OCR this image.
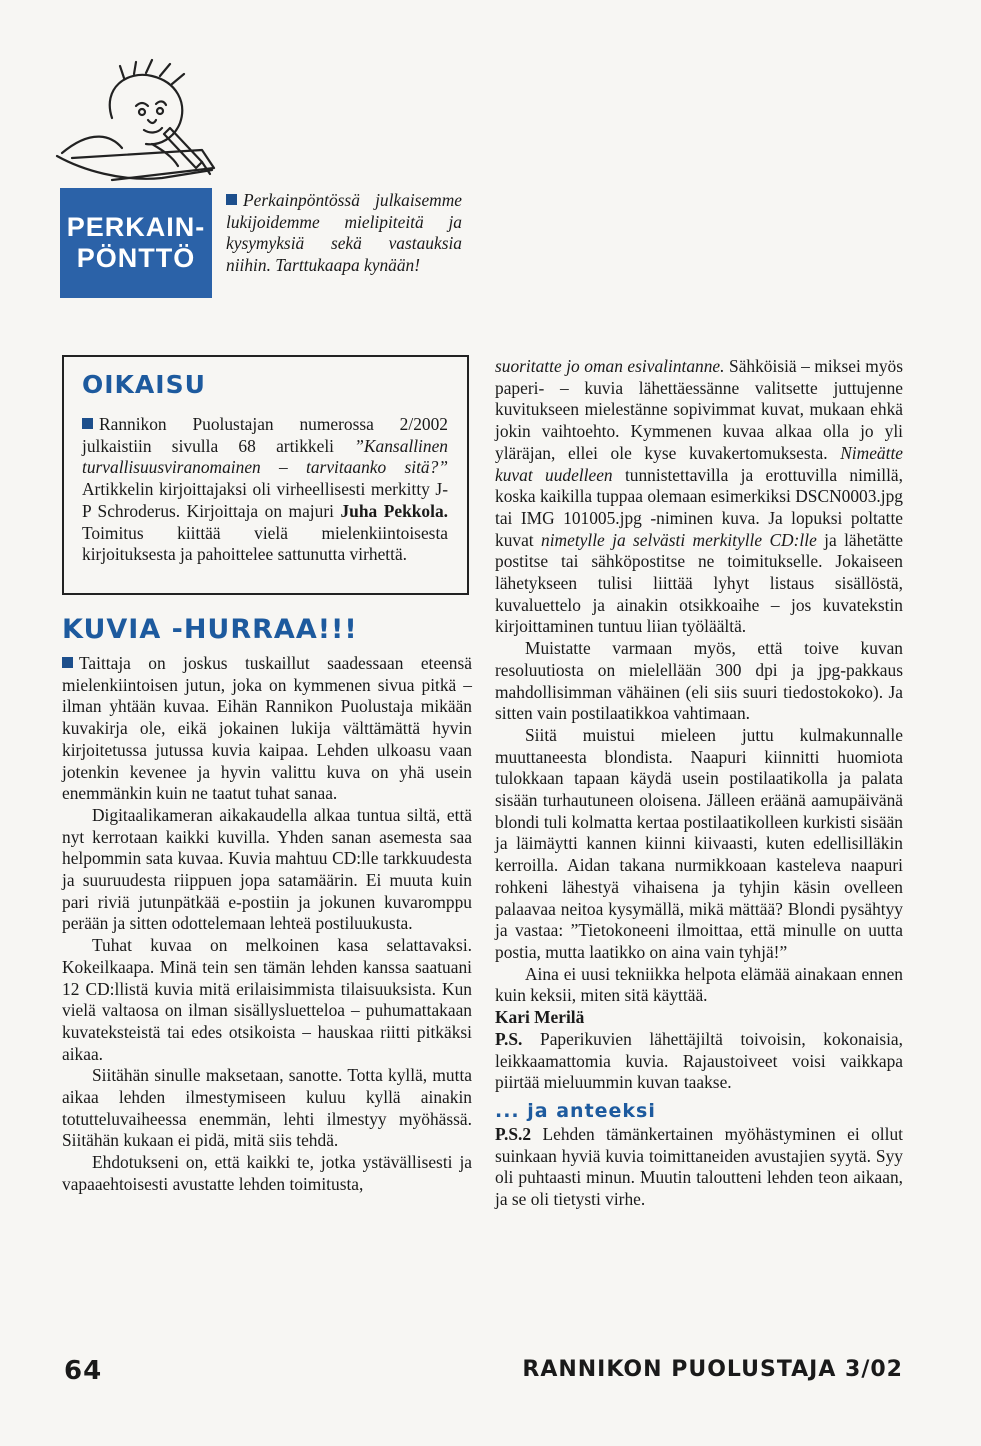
PERKAIN-
PÖNTTÖ

Perkainpöntössä julkaisemme lukijoidemme mielipiteitä ja kysymyksiä sekä vastauksia niihin. Tarttukaapa kynään!

OIKAISU

Rannikon Puolustajan numerossa 2/2002 julkaistiin sivulla 68 artikkeli ”Kansallinen turvallisuusviranomainen – tarvitaanko sitä?” Artikkelin kirjoittajaksi oli virheellisesti merkitty J-P Schroderus. Kirjoittaja on majuri Juha Pekkola. Toimitus kiittää vielä mielenkiintoisesta kirjoituksesta ja pahoittelee sattunutta virhettä.

KUVIA -HURRAA!!!

Taittaja on joskus tuskaillut saadessaan eteensä mielenkiintoisen jutun, joka on kymmenen sivua pitkä – ilman yhtään kuvaa. Eihän Rannikon Puolustaja mikään kuvakirja ole, eikä jokainen lukija välttämättä hyvin kirjoitetussa jutussa kuvia kaipaa. Lehden ulkoasu vaan jotenkin kevenee ja hyvin valittu kuva on yhä usein enemmänkin kuin ne taatut tuhat sanaa.

Digitaalikameran aikakaudella alkaa tuntua siltä, että nyt kerrotaan kaikki kuvilla. Yhden sanan asemesta saa helpommin sata kuvaa. Kuvia mahtuu CD:lle tarkkuudesta ja suuruudesta riippuen jopa satamäärin. Ei muuta kuin pari riviä jutunpätkää e-postiin ja jokunen kuvaromppu perään ja sitten odottelemaan lehteä postiluukusta.

Tuhat kuvaa on melkoinen kasa selattavaksi. Kokeilkaapa. Minä tein sen tämän lehden kanssa saatuani 12 CD:llistä kuvia mitä erilaisimmista tilaisuuksista. Kun vielä valtaosa on ilman sisällysluetteloa – puhumattakaan kuvateksteistä tai edes otsikoista – hauskaa riitti pitkäksi aikaa.

Siitähän sinulle maksetaan, sanotte. Totta kyllä, mutta aikaa lehden ilmestymiseen kuluu kyllä ainakin totutteluvaiheessa enemmän, lehti ilmestyy myöhässä. Siitähän kukaan ei pidä, mitä siis tehdä.

Ehdotukseni on, että kaikki te, jotka ystävällisesti ja vapaaehtoisesti avustatte lehden toimitusta,

suoritatte jo oman esivalintanne. Sähköisiä – miksei myös paperi- – kuvia lähettäessänne valitsette juttujenne kuvitukseen mielestänne sopivimmat kuvat, mukaan ehkä jokin vaihtoehto. Kymmenen kuvaa alkaa olla jo yli yläräjan, ellei ole kyse kuvakertomuksesta. Nimeätte kuvat uudelleen tunnistettavilla ja erottuvilla nimillä, koska kaikilla tuppaa olemaan esimerkiksi DSCN0003.jpg tai IMG 101005.jpg -niminen kuva. Ja lopuksi poltatte kuvat nimetylle ja selvästi merkitylle CD:lle ja lähetätte postitse tai sähköpostitse ne toimitukselle. Jokaiseen lähetykseen tulisi liittää lyhyt listaus sisällöstä, kuvaluettelo ja ainakin otsikkoaihe – jos kuvatekstin kirjoittaminen tuntuu liian työläältä.

Muistatte varmaan myös, että toive kuvan resoluutiosta on mielellään 300 dpi ja jpg-pakkaus mahdollisimman vähäinen (eli siis suuri tiedostokoko). Ja sitten vain postilaatikkoa vahtimaan.

Siitä muistui mieleen juttu kulmakunnalle muuttaneesta blondista. Naapuri kiinnitti huomiota tulokkaan tapaan käydä usein postilaatikolla ja palata sisään turhautuneen oloisena. Jälleen eräänä aamupäivänä blondi tuli kolmatta kertaa postilaatikolleen kurkisti sisään ja läimäytti kannen kiinni kiivaasti, kuten edellisilläkin kerroilla. Aidan takana nurmikkoaan kasteleva naapuri rohkeni lähestyä vihaisena ja tyhjin käsin ovelleen palaavaa neitoa kysymällä, mikä mättää? Blondi pysähtyy ja vastaa: ”Tietokoneeni ilmoittaa, että minulle on uutta postia, mutta laatikko on aina vain tyhjä!”

Aina ei uusi tekniikka helpota elämää ainakaan ennen kuin keksii, miten sitä käyttää.

Kari Merilä

P.S. Paperikuvien lähettäjiltä toivoisin, kokonaisia, leikkaamattomia kuvia. Rajaustoiveet voisi vaikkapa piirtää mieluummin kuvan taakse.

... ja anteeksi

P.S.2 Lehden tämänkertainen myöhästyminen ei ollut suinkaan hyviä kuvia toimittaneiden avustajien syytä. Syy oli puhtaasti minun. Muutin taloutteni lehden teon aikaan, ja se oli tietysti virhe.

64	RANNIKON PUOLUSTAJA 3/02
